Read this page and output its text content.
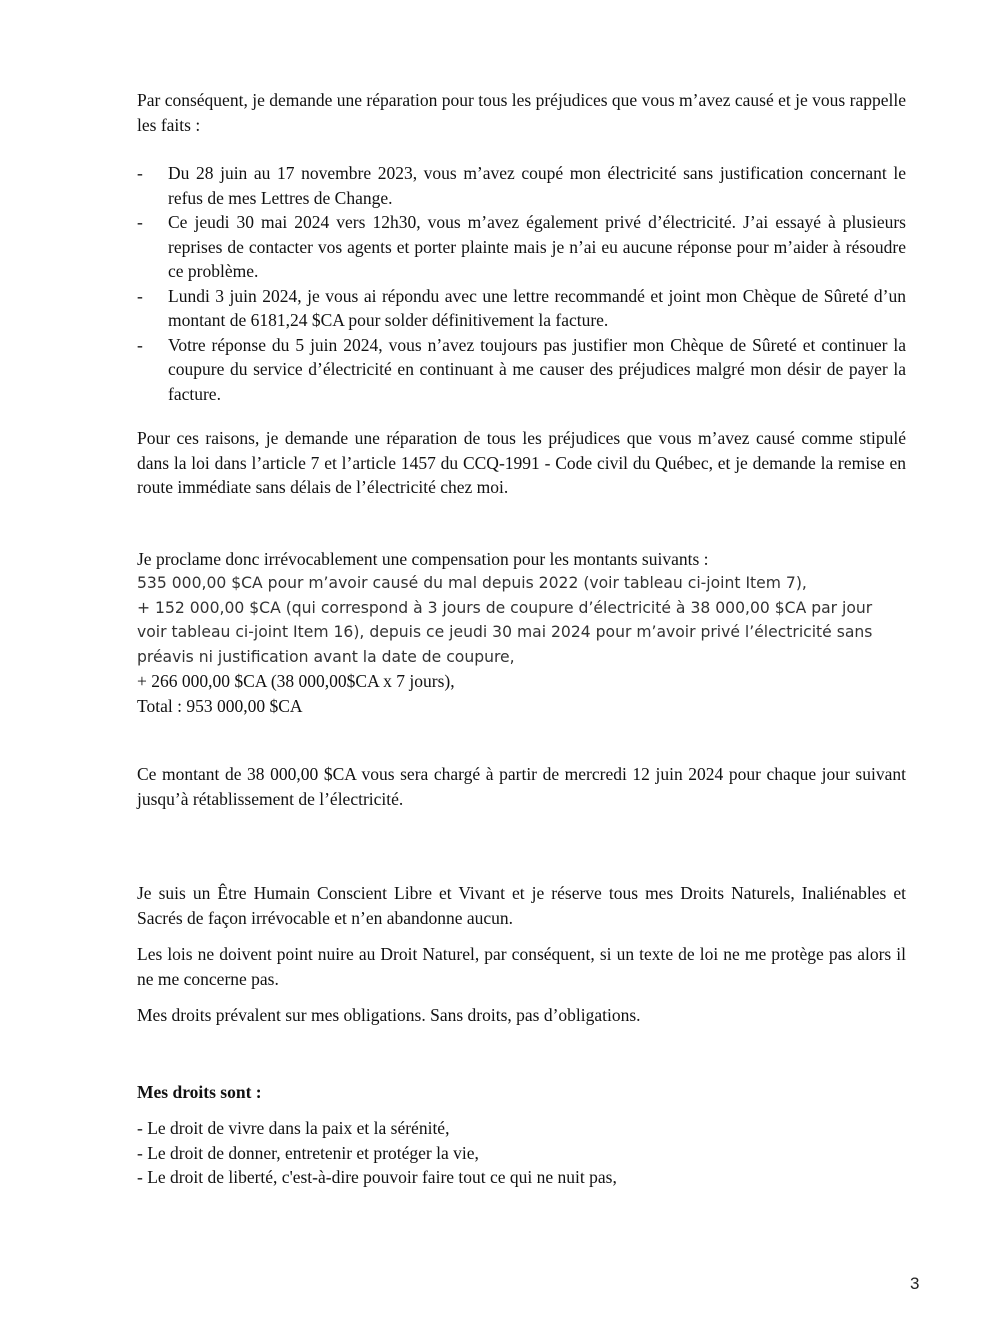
Par conséquent, je demande une réparation pour tous les préjudices que vous m’avez causé et je vous rappelle les faits :

- Du 28 juin au 17 novembre 2023, vous m’avez coupé mon électricité sans justification concernant le refus de mes Lettres de Change.
- Ce jeudi 30 mai 2024 vers 12h30, vous m’avez également privé d’électricité. J’ai essayé à plusieurs reprises de contacter vos agents et porter plainte mais je n’ai eu aucune réponse pour m’aider à résoudre ce problème.
- Lundi 3 juin 2024, je vous ai répondu avec une lettre recommandé et joint mon Chèque de Sûreté d’un montant de 6181,24 $CA pour solder définitivement la facture.
- Votre réponse du 5 juin 2024, vous n’avez toujours pas justifier mon Chèque de Sûreté et continuer la coupure du service d’électricité en continuant à me causer des préjudices malgré mon désir de payer la facture.

Pour ces raisons, je demande une réparation de tous les préjudices que vous m’avez causé comme stipulé dans la loi dans l’article 7 et l’article 1457 du CCQ-1991 - Code civil du Québec, et je demande la remise en route immédiate sans délais de l’électricité chez moi.

Je proclame donc irrévocablement une compensation pour les montants suivants :
535 000,00 $CA pour m’avoir causé du mal depuis 2022 (voir tableau ci-joint Item 7),
+ 152 000,00 $CA (qui correspond à 3 jours de coupure d’électricité à 38 000,00 $CA par jour
voir tableau ci-joint Item 16), depuis ce jeudi 30 mai 2024 pour m’avoir privé l’électricité sans
préavis ni justification avant la date de coupure,
+ 266 000,00 $CA (38 000,00$CA x 7 jours),
Total : 953 000,00 $CA

Ce montant de 38 000,00 $CA vous sera chargé à partir de mercredi 12 juin 2024 pour chaque jour suivant jusqu’à rétablissement de l’électricité.

Je suis un Être Humain Conscient Libre et Vivant et je réserve tous mes Droits Naturels, Inaliénables et Sacrés de façon irrévocable et n’en abandonne aucun.

Les lois ne doivent point nuire au Droit Naturel, par conséquent, si un texte de loi ne me protège pas alors il ne me concerne pas.

Mes droits prévalent sur mes obligations. Sans droits, pas d’obligations.

Mes droits sont :

- Le droit de vivre dans la paix et la sérénité,
- Le droit de donner, entretenir et protéger la vie,
- Le droit de liberté, c'est-à-dire pouvoir faire tout ce qui ne nuit pas,
3
